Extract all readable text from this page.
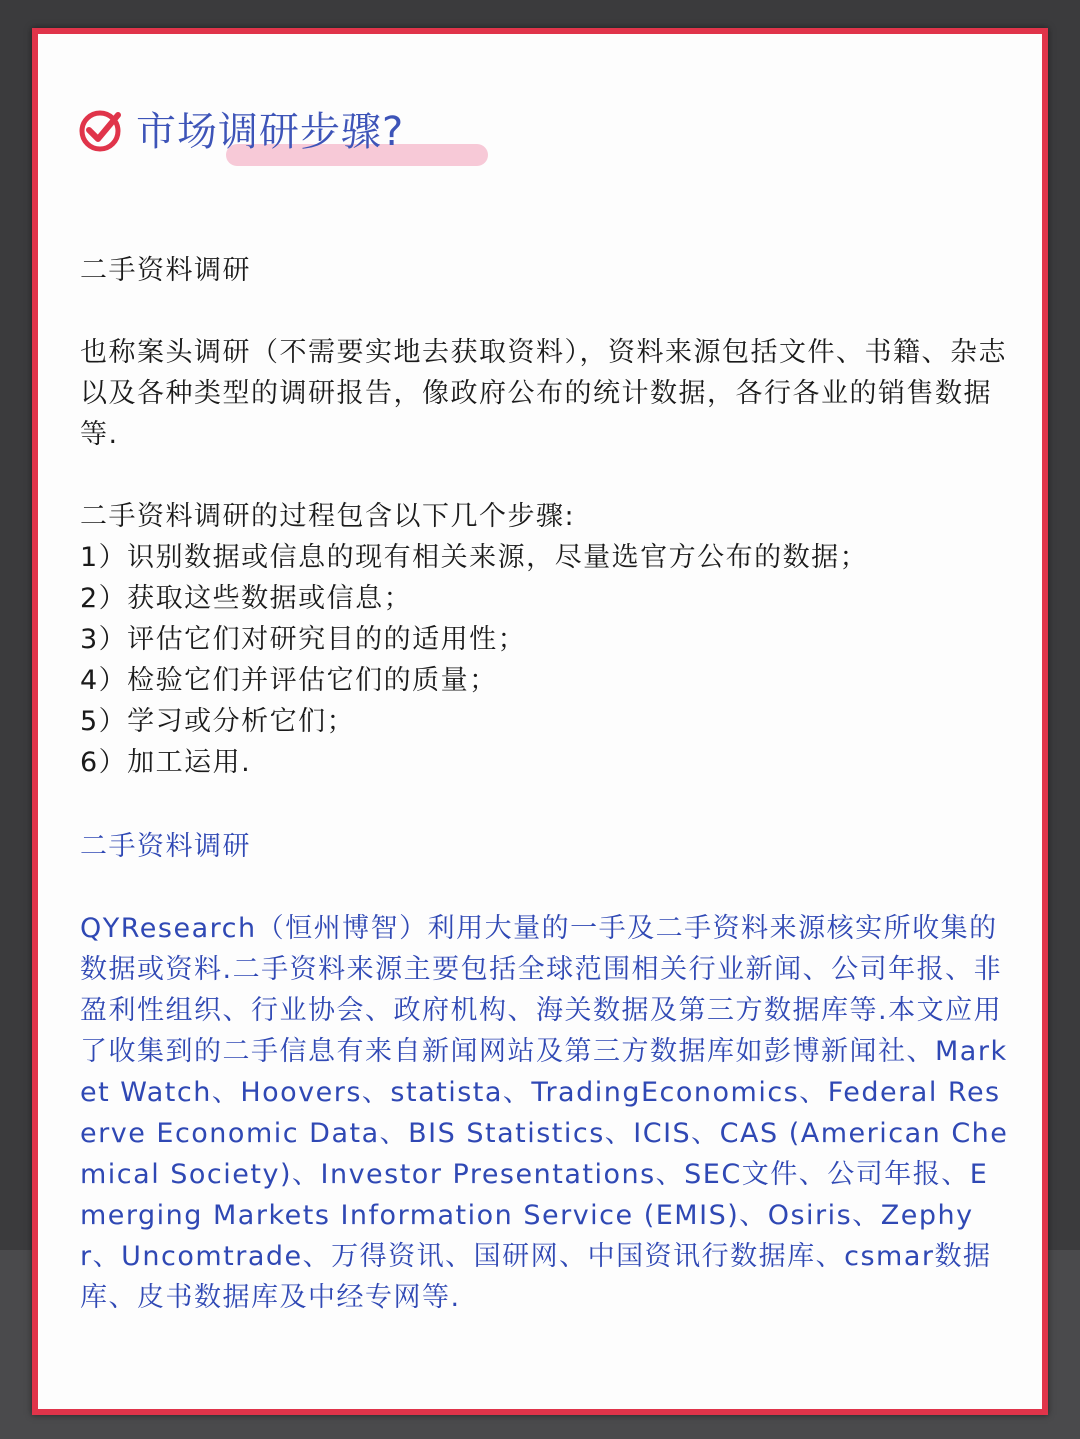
市场调研步骤?
二手资料调研
也称案头调研（不需要实地去获取资料），资料来源包括文件、书籍、杂志以及各种类型的调研报告，像政府公布的统计数据，各行各业的销售数据等.
二手资料调研的过程包含以下几个步骤:
1）识别数据或信息的现有相关来源，尽量选官方公布的数据；
2）获取这些数据或信息；
3）评估它们对研究目的的适用性；
4）检验它们并评估它们的质量；
5）学习或分析它们；
6）加工运用.
二手资料调研
QYResearch（恒州博智）利用大量的一手及二手资料来源核实所收集的数据或资料.二手资料来源主要包括全球范围相关行业新闻、公司年报、非盈利性组织、行业协会、政府机构、海关数据及第三方数据库等.本文应用了收集到的二手信息有来自新闻网站及第三方数据库如彭博新闻社、Market Watch、Hoovers、statista、TradingEconomics、Federal Reserve Economic Data、BIS Statistics、ICIS、CAS (American Chemical Society)、Investor Presentations、SEC文件、公司年报、Emerging Markets Information Service (EMIS)、Osiris、Zephyr、Uncomtrade、万得资讯、国研网、中国资讯行数据库、csmar数据库、皮书数据库及中经专网等.
